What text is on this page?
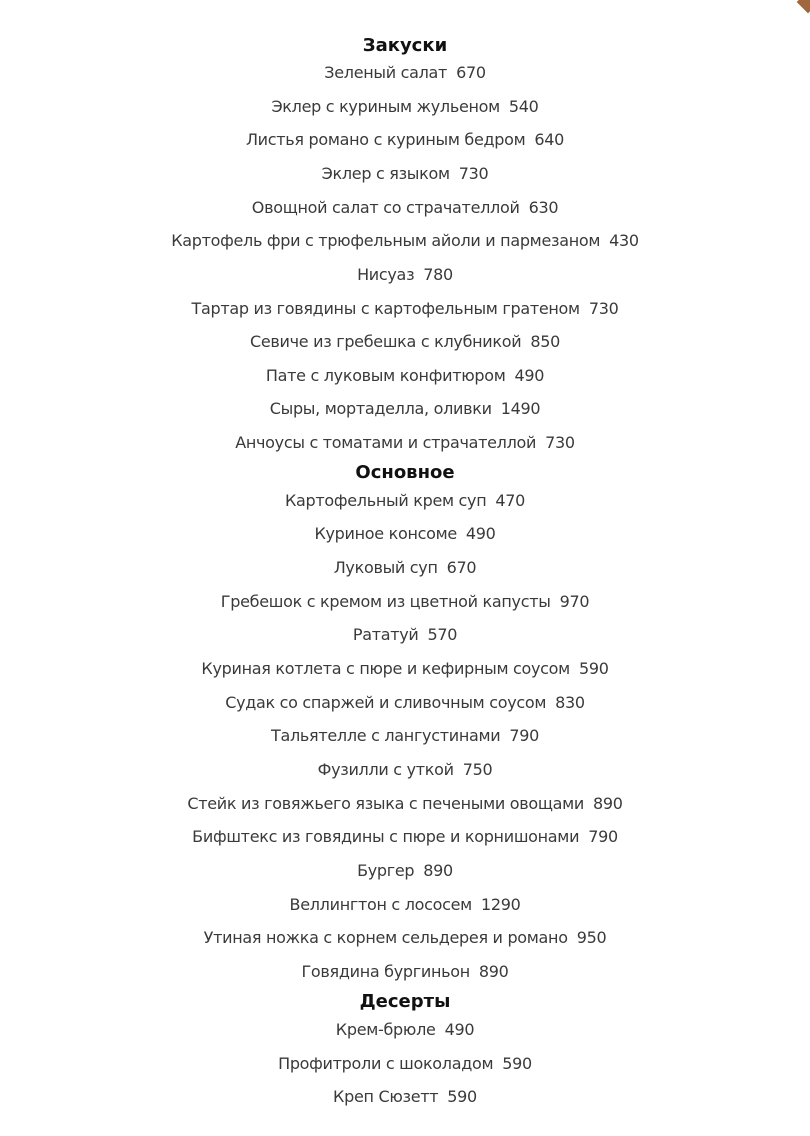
Закуски
Зеленый салат 670
Эклер с куриным жульеном 540
Листья романо с куриным бедром 640
Эклер с языком 730
Овощной салат со страчателлой 630
Картофель фри с трюфельным айоли и пармезаном 430
Нисуаз 780
Тартар из говядины с картофельным гратеном 730
Севиче из гребешка с клубникой 850
Пате с луковым конфитюром 490
Сыры, мортаделла, оливки 1490
Анчоусы с томатами и страчателлой 730
Основное
Картофельный крем суп 470
Куриное консоме 490
Луковый суп 670
Гребешок с кремом из цветной капусты 970
Рататуй 570
Куриная котлета с пюре и кефирным соусом 590
Судак со спаржей и сливочным соусом 830
Тальятелле с лангустинами 790
Фузилли с уткой 750
Стейк из говяжьего языка с печеными овощами 890
Бифштекс из говядины с пюре и корнишонами 790
Бургер 890
Веллингтон с лососем 1290
Утиная ножка с корнем сельдерея и романо 950
Говядина бургиньон 890
Десерты
Крем-брюле 490
Профитроли с шоколадом 590
Креп Сюзетт 590
